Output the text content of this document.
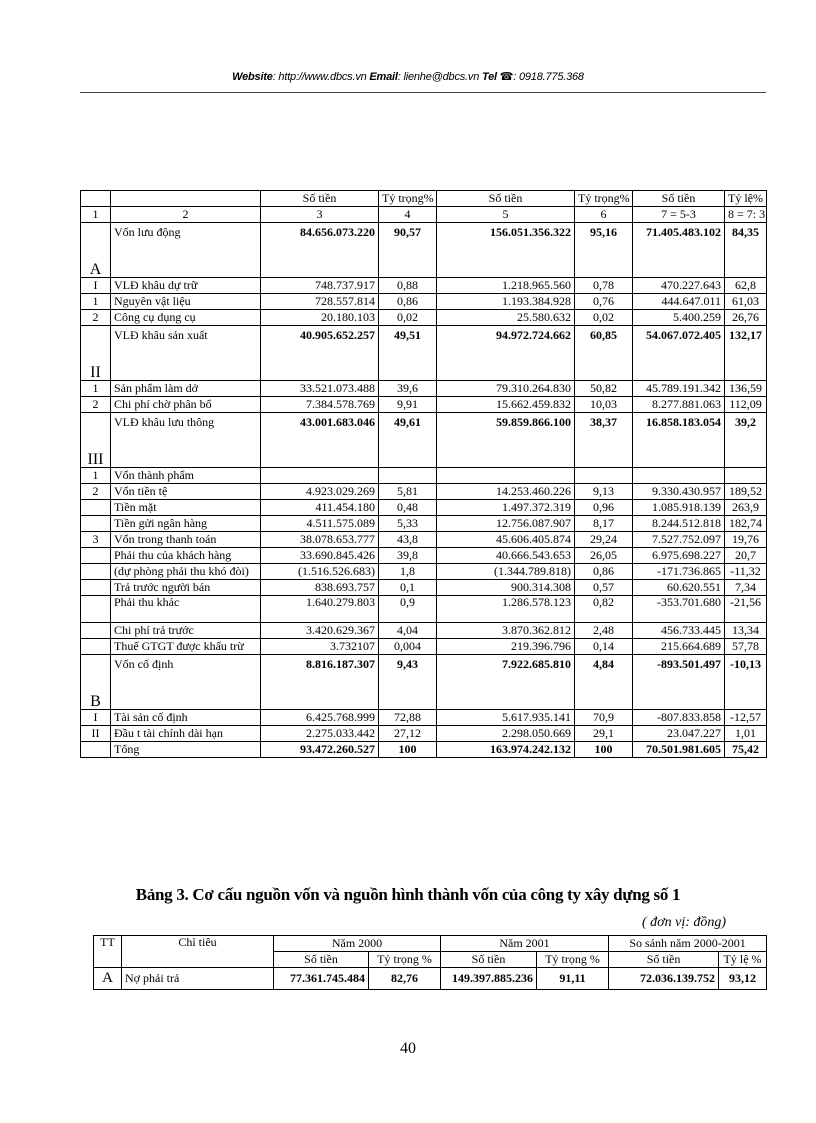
Website: http://www.dbcs.vn Email: lienhe@dbcs.vn Tel ☎: 0918.775.368
		Số tiền	Tỷ trọng%	Số tiền	Tỷ trọng%	Số tiền	Tỷ lệ%
1	2	3	4	5	6	7 = 5-3	8 = 7: 3
A	Vốn lưu động	84.656.073.220	90,57	156.051.356.322	95,16	71.405.483.102	84,35
I	VLĐ khâu dự trữ	748.737.917	0,88	1.218.965.560	0,78	470.227.643	62,8
1	Nguyên vật liệu	728.557.814	0,86	1.193.384.928	0,76	444.647.011	61,03
2	Công cụ dụng cụ	20.180.103	0,02	25.580.632	0,02	5.400.259	26,76
II	VLĐ khâu sản xuất	40.905.652.257	49,51	94.972.724.662	60,85	54.067.072.405	132,17
1	Sản phẩm làm dở	33.521.073.488	39,6	79.310.264.830	50,82	45.789.191.342	136,59
2	Chi phí chờ phân bổ	7.384.578.769	9,91	15.662.459.832	10,03	8.277.881.063	112,09
III	VLĐ khâu lưu thông	43.001.683.046	49,61	59.859.866.100	38,37	16.858.183.054	39,2
1	Vốn thành phẩm						
2	Vốn tiền tệ	4.923.029.269	5,81	14.253.460.226	9,13	9.330.430.957	189,52
	Tiền mặt	411.454.180	0,48	1.497.372.319	0,96	1.085.918.139	263,9
	Tiền gửi ngân hàng	4.511.575.089	5,33	12.756.087.907	8,17	8.244.512.818	182,74
3	Vốn trong thanh toán	38.078.653.777	43,8	45.606.405.874	29,24	7.527.752.097	19,76
	Phải thu của khách hàng	33.690.845.426	39,8	40.666.543.653	26,05	6.975.698.227	20,7
	(dự phòng phải thu khó đòi)	(1.516.526.683)	1,8	(1.344.789.818)	0,86	-171.736.865	-11,32
	Trả trước người bán	838.693.757	0,1	900.314.308	0,57	60.620.551	7,34
	Phải thu khác	1.640.279.803	0,9	1.286.578.123	0,82	-353.701.680	-21,56
	Chi phí trả trước	3.420.629.367	4,04	3.870.362.812	2,48	456.733.445	13,34
	Thuế GTGT được khấu trừ	3.732107	0,004	219.396.796	0,14	215.664.689	57,78
B	Vốn cố định	8.816.187.307	9,43	7.922.685.810	4,84	-893.501.497	-10,13
I	Tài sản cố định	6.425.768.999	72,88	5.617.935.141	70,9	-807.833.858	-12,57
II	Đầu t tài chính dài hạn	2.275.033.442	27,12	2.298.050.669	29,1	23.047.227	1,01
	Tổng	93.472.260.527	100	163.974.242.132	100	70.501.981.605	75,42
Bảng 3. Cơ cấu nguồn vốn và nguồn hình thành vốn của công ty xây dựng số 1
( đơn vị: đồng)
TT	Chỉ tiêu	Năm 2000		Năm 2001		So sánh năm 2000-2001	
		Số tiền	Tỷ trọng %	Số tiền	Tỷ trọng %	Số tiền	Tỷ lệ %
A	Nợ phải trả	77.361.745.484	82,76	149.397.885.236	91,11	72.036.139.752	93,12
40
